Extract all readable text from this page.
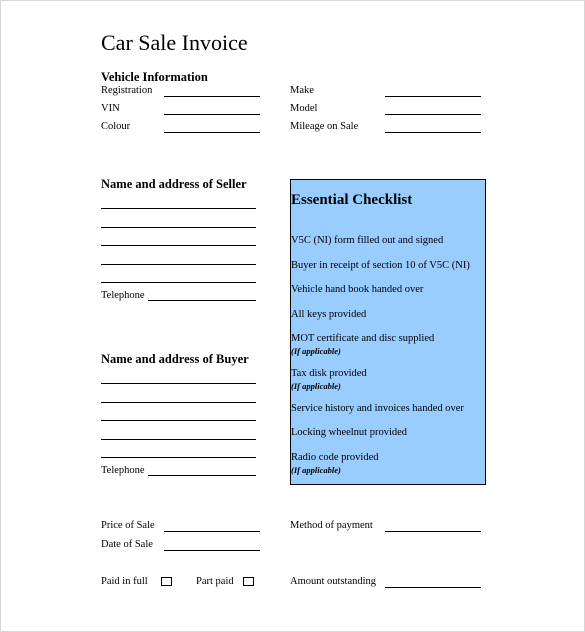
Car Sale Invoice
Vehicle Information
Registration
VIN
Colour
Make
Model
Mileage on Sale
Name and address of Seller
Telephone
Name and address of Buyer
Telephone
Essential Checklist
V5C (NI) form filled out and signed
Buyer in receipt of section 10 of V5C (NI)
Vehicle hand book handed over
All keys provided
MOT certificate and disc supplied
(If applicable)
Tax disk provided
(If applicable)
Service history and invoices handed over
Locking wheelnut provided
Radio code provided
(If applicable)
Price of Sale
Date of Sale
Method of payment
Paid in full	Part paid	Amount outstanding
